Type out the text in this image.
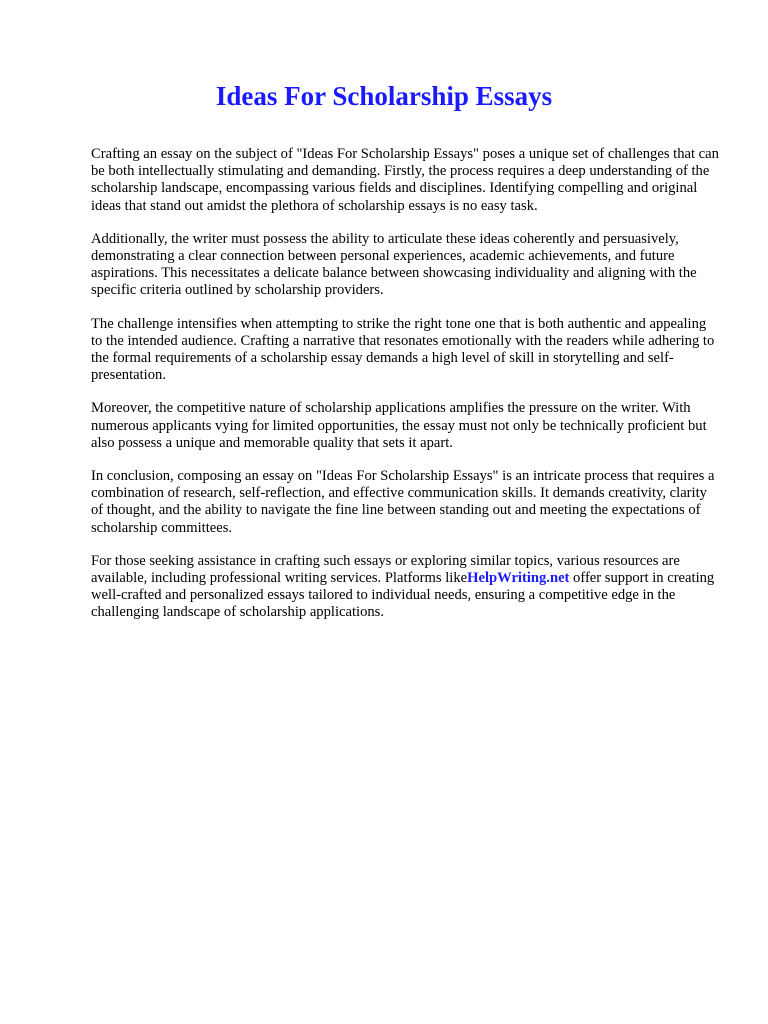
Ideas For Scholarship Essays

Crafting an essay on the subject of "Ideas For Scholarship Essays" poses a unique set of challenges that can be both intellectually stimulating and demanding. Firstly, the process requires a deep understanding of the scholarship landscape, encompassing various fields and disciplines. Identifying compelling and original ideas that stand out amidst the plethora of scholarship essays is no easy task.

Additionally, the writer must possess the ability to articulate these ideas coherently and persuasively, demonstrating a clear connection between personal experiences, academic achievements, and future aspirations. This necessitates a delicate balance between showcasing individuality and aligning with the specific criteria outlined by scholarship providers.

The challenge intensifies when attempting to strike the right tone one that is both authentic and appealing to the intended audience. Crafting a narrative that resonates emotionally with the readers while adhering to the formal requirements of a scholarship essay demands a high level of skill in storytelling and self-presentation.

Moreover, the competitive nature of scholarship applications amplifies the pressure on the writer. With numerous applicants vying for limited opportunities, the essay must not only be technically proficient but also possess a unique and memorable quality that sets it apart.

In conclusion, composing an essay on "Ideas For Scholarship Essays" is an intricate process that requires a combination of research, self-reflection, and effective communication skills. It demands creativity, clarity of thought, and the ability to navigate the fine line between standing out and meeting the expectations of scholarship committees.

For those seeking assistance in crafting such essays or exploring similar topics, various resources are available, including professional writing services. Platforms likeHelpWriting.net offer support in creating well-crafted and personalized essays tailored to individual needs, ensuring a competitive edge in the challenging landscape of scholarship applications.
